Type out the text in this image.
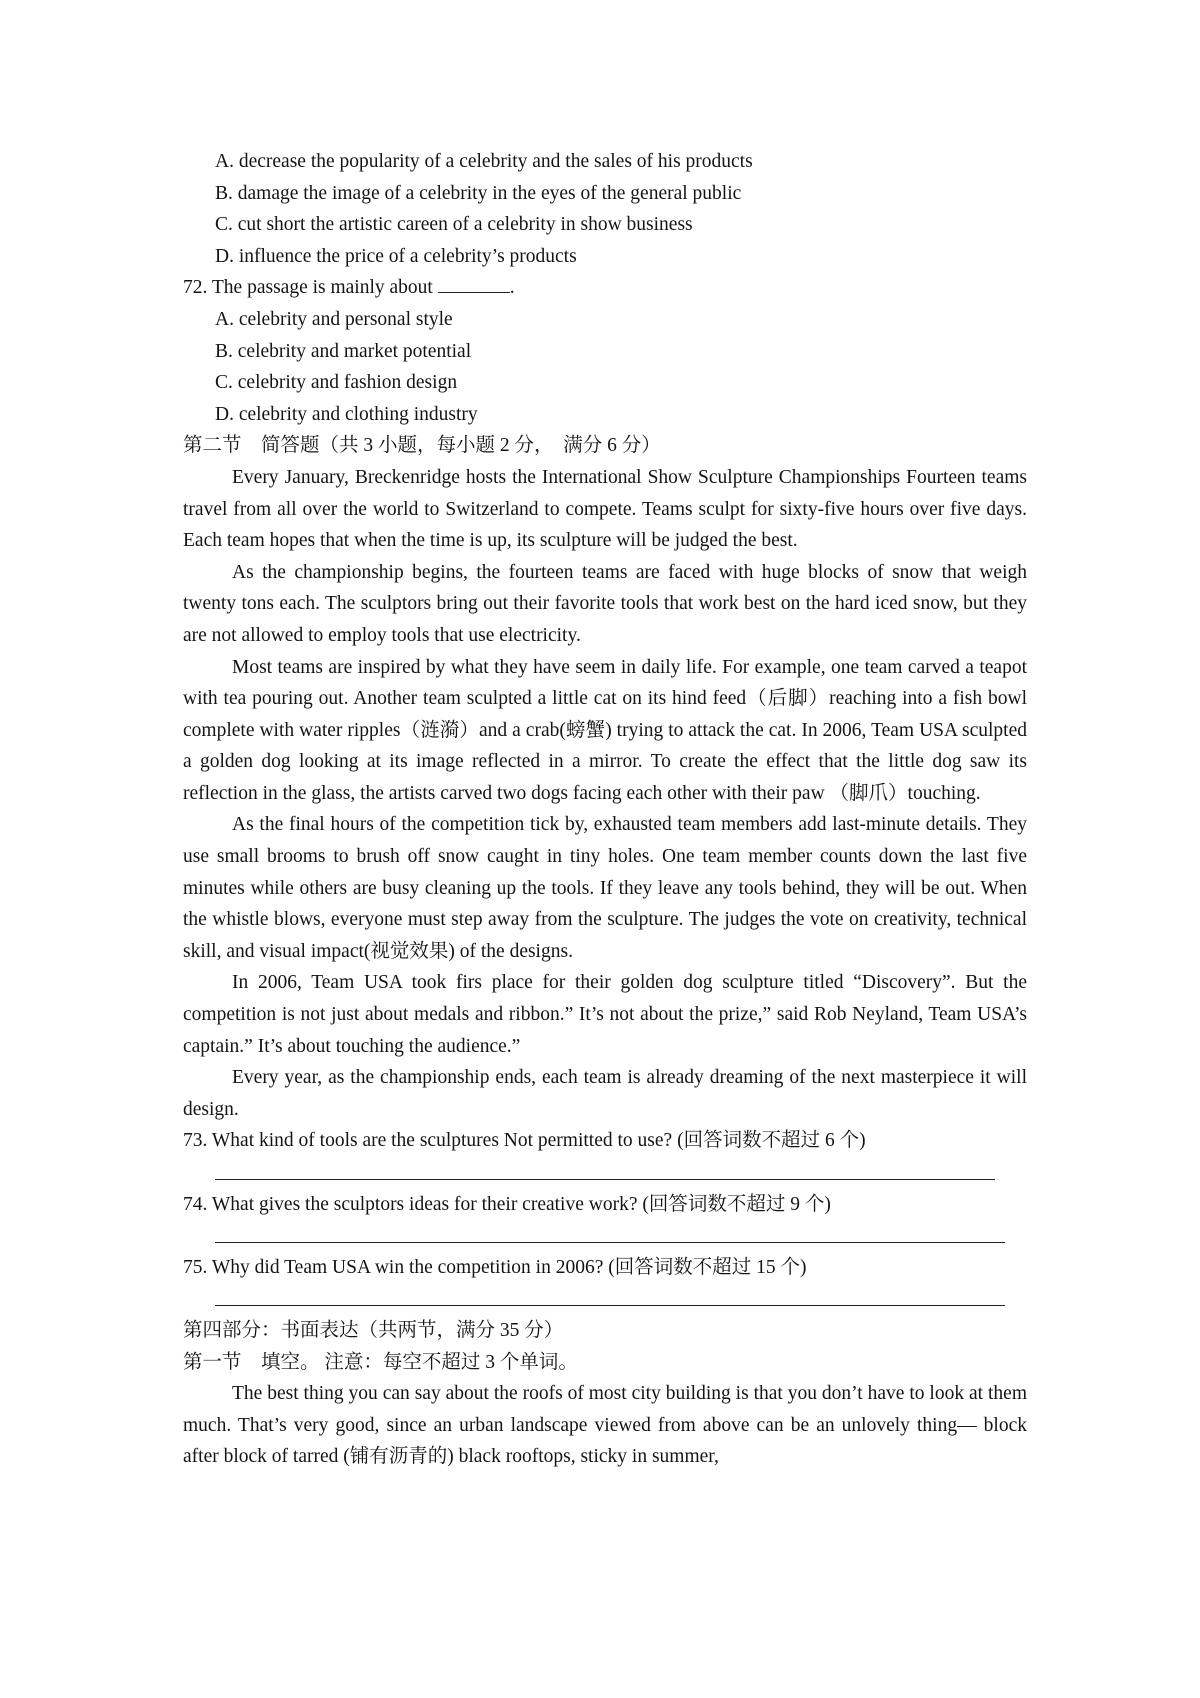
A. decrease the popularity of a celebrity and the sales of his products
B. damage the image of a celebrity in the eyes of the general public
C. cut short the artistic careen of a celebrity in show business
D. influence the price of a celebrity’s products
72. The passage is mainly about	.
A. celebrity and personal style
B. celebrity and market potential
C. celebrity and fashion design
D. celebrity and clothing industry
第二节　简答题（共 3 小题，每小题 2 分，　满分 6 分）
Every January, Breckenridge hosts the International Show Sculpture Championships Fourteen teams travel from all over the world to Switzerland to compete. Teams sculpt for sixty-five hours over five days. Each team hopes that when the time is up, its sculpture will be judged the best.
As the championship begins, the fourteen teams are faced with huge blocks of snow that weigh twenty tons each. The sculptors bring out their favorite tools that work best on the hard iced snow, but they are not allowed to employ tools that use electricity.
Most teams are inspired by what they have seem in daily life. For example, one team carved a teapot with tea pouring out. Another team sculpted a little cat on its hind feed（后脚）reaching into a fish bowl complete with water ripples（涟漪）and a crab(螃蟹) trying to attack the cat. In 2006, Team USA sculpted a golden dog looking at its image reflected in a mirror. To create the effect that the little dog saw its reflection in the glass, the artists carved two dogs facing each other with their paw （脚爪）touching.
As the final hours of the competition tick by, exhausted team members add last-minute details. They use small brooms to brush off snow caught in tiny holes. One team member counts down the last five minutes while others are busy cleaning up the tools. If they leave any tools behind, they will be out. When the whistle blows, everyone must step away from the sculpture. The judges the vote on creativity, technical skill, and visual impact(视觉效果) of the designs.
In 2006, Team USA took firs place for their golden dog sculpture titled “Discovery”. But the competition is not just about medals and ribbon.” It’s not about the prize,” said Rob Neyland, Team USA’s captain.” It’s about touching the audience.”
Every year, as the championship ends, each team is already dreaming of the next masterpiece it will design.
73. What kind of tools are the sculptures Not permitted to use? (回答词数不超过 6 个)
74. What gives the sculptors ideas for their creative work? (回答词数不超过 9 个)
75. Why did Team USA win the competition in 2006? (回答词数不超过 15 个)
第四部分：书面表达（共两节，满分 35 分）
第一节　填空。 注意：每空不超过 3 个单词。
The best thing you can say about the roofs of most city building is that you don’t have to look at them much. That’s very good, since an urban landscape viewed from above can be an unlovely thing— block after block of tarred (铺有沥青的) black rooftops, sticky in summer,
